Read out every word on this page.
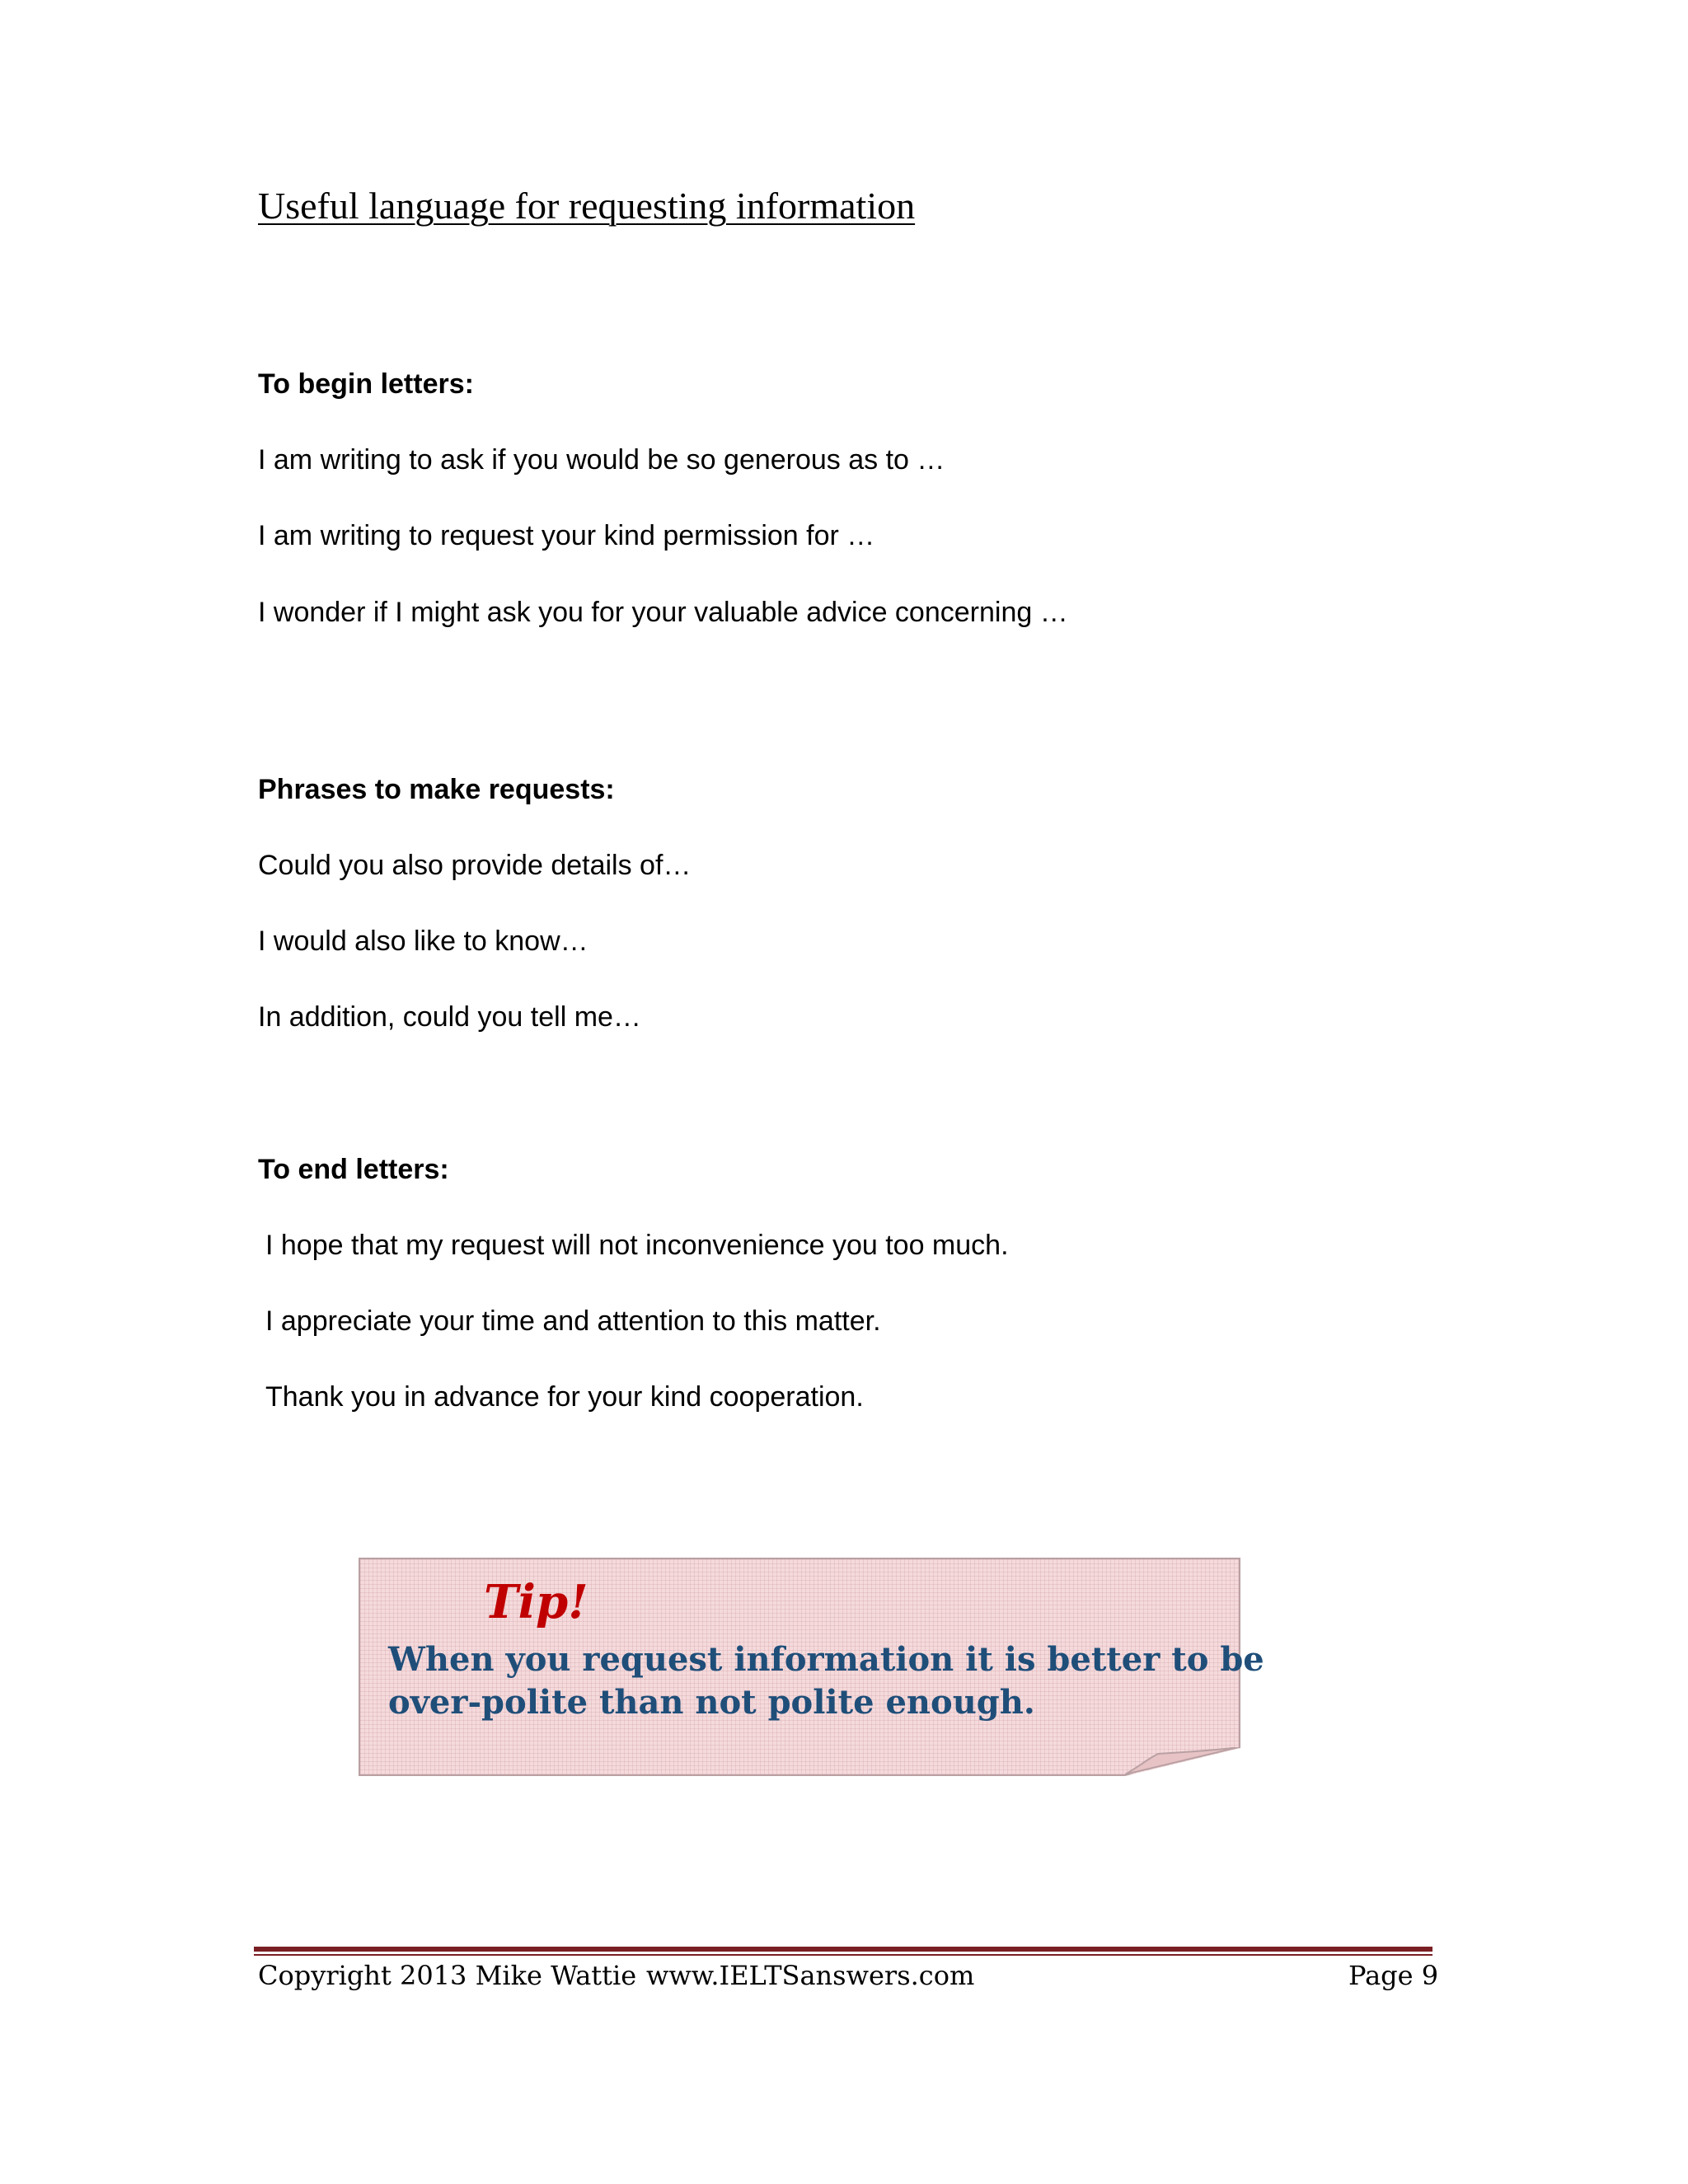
Useful language for requesting information
To begin letters:
I am writing to ask if you would be so generous as to …
I am writing to request your kind permission for …
I wonder if I might ask you for your valuable advice concerning …
Phrases to make requests:
Could you also provide details of…
I would also like to know…
In addition, could you tell me…
To end letters:
I hope that my request will not inconvenience you too much.
I appreciate your time and attention to this matter.
Thank you in advance for your kind cooperation.
Tip!
When you request information it is better to be
over-polite than not polite enough.
Copyright 2013 Mike Wattie www.IELTSanswers.com	Page 9
